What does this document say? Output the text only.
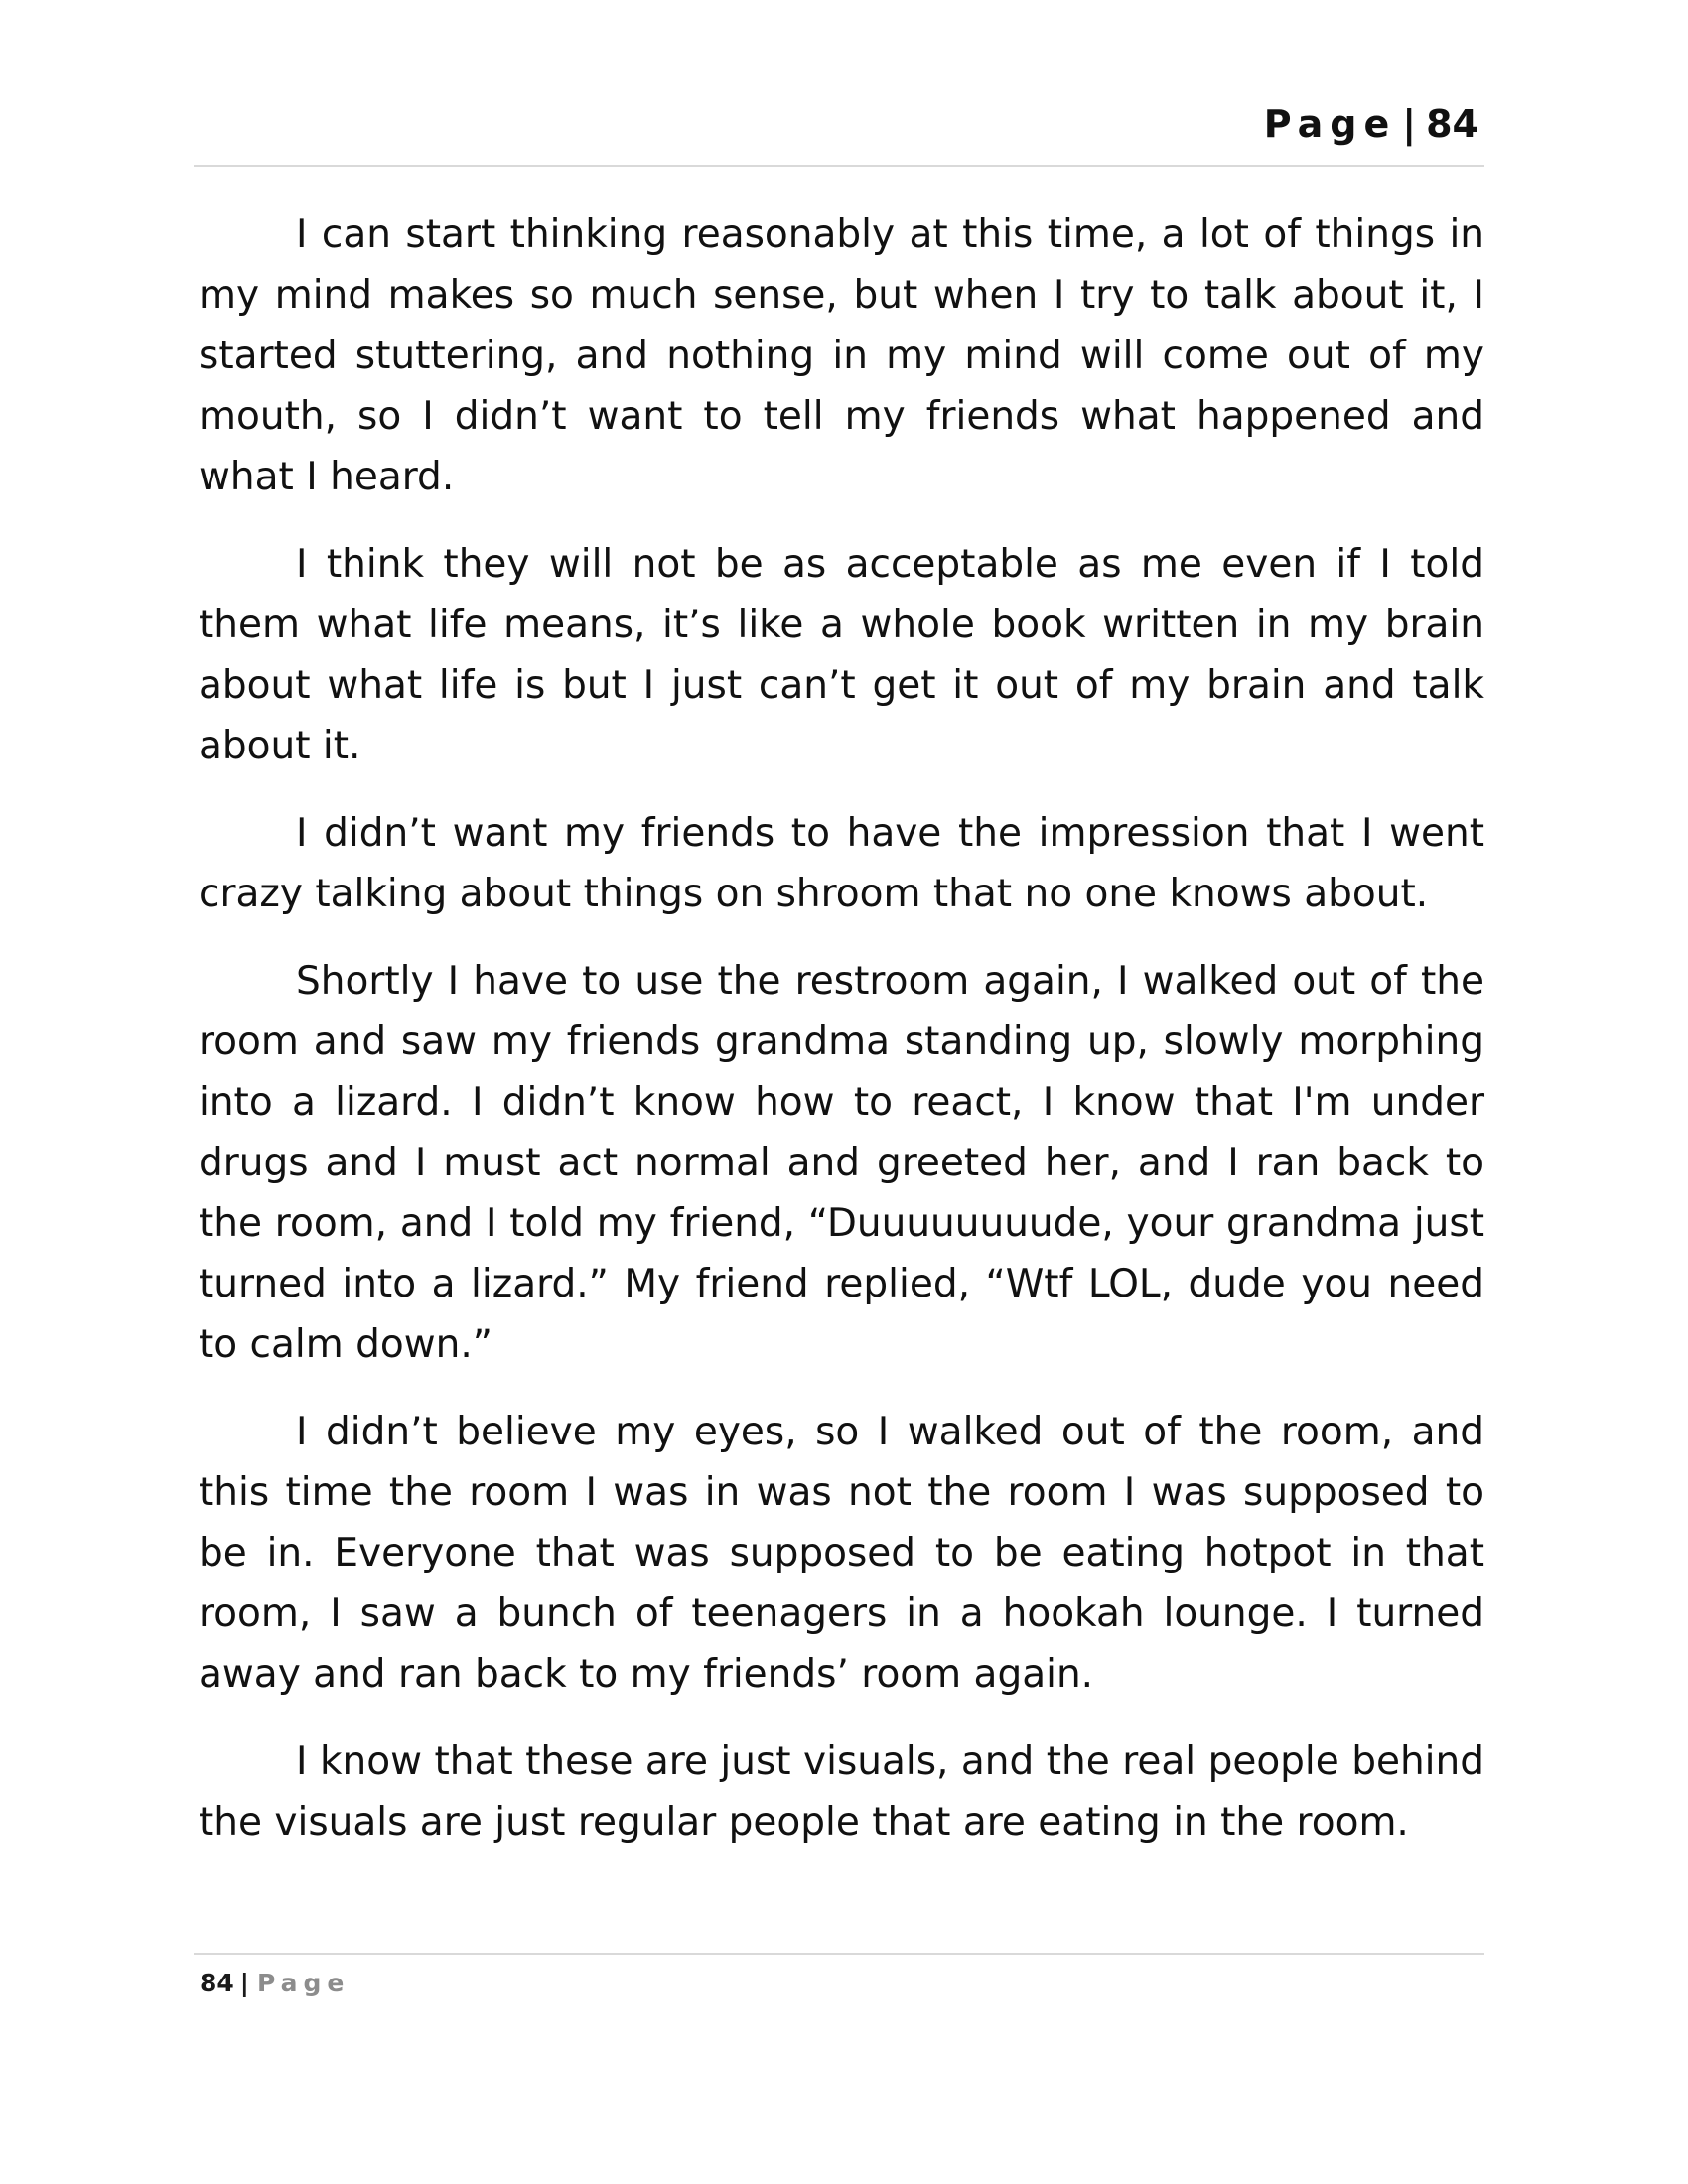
Page | 84

I can start thinking reasonably at this time, a lot of things in my mind makes so much sense, but when I try to talk about it, I started stuttering, and nothing in my mind will come out of my mouth, so I didn’t want to tell my friends what happened and what I heard.

I think they will not be as acceptable as me even if I told them what life means, it’s like a whole book written in my brain about what life is but I just can’t get it out of my brain and talk about it.

I didn’t want my friends to have the impression that I went crazy talking about things on shroom that no one knows about.

Shortly I have to use the restroom again, I walked out of the room and saw my friends grandma standing up, slowly morphing into a lizard. I didn’t know how to react, I know that I'm under drugs and I must act normal and greeted her, and I ran back to the room, and I told my friend, “Duuuuuuuude, your grandma just turned into a lizard.” My friend replied, “Wtf LOL, dude you need to calm down.”

I didn’t believe my eyes, so I walked out of the room, and this time the room I was in was not the room I was supposed to be in. Everyone that was supposed to be eating hotpot in that room, I saw a bunch of teenagers in a hookah lounge. I turned away and ran back to my friends’ room again.

I know that these are just visuals, and the real people behind the visuals are just regular people that are eating in the room.

84 | Page
